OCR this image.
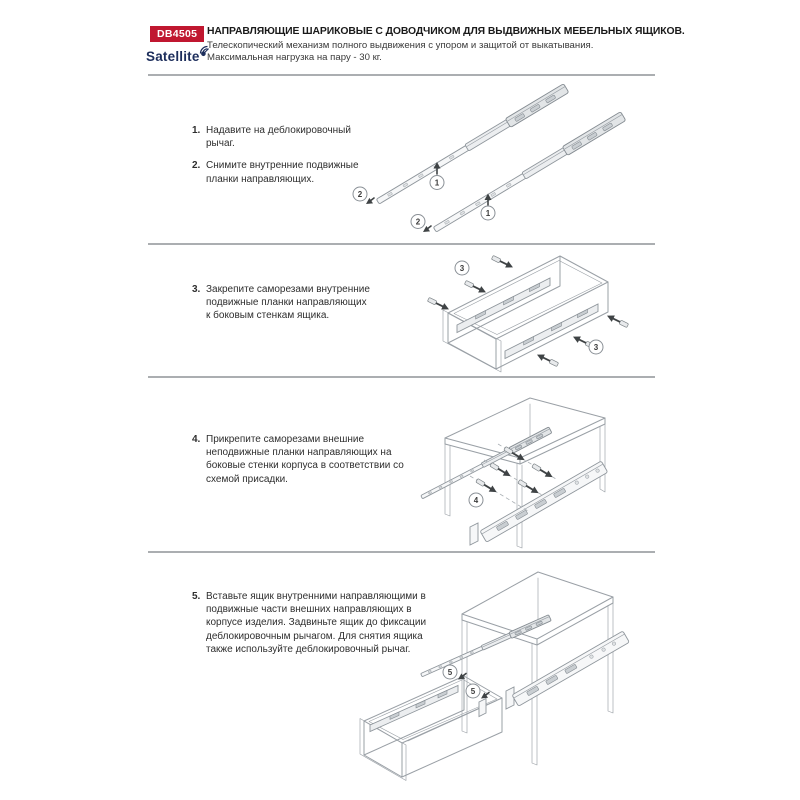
DB4505
Satellite
НАПРАВЛЯЮЩИЕ ШАРИКОВЫЕ С ДОВОДЧИКОМ ДЛЯ ВЫДВИЖНЫХ МЕБЕЛЬНЫХ ЯЩИКОВ.
Телескопический механизм полного выдвижения с упором и защитой от выкатывания.
Максимальная нагрузка на пару - 30 кг.
1. Надавите на деблокировочный рычаг.
2. Снимите внутренние подвижные планки направляющих.
3. Закрепите саморезами внутренние подвижные планки направляющих к боковым стенкам ящика.
4. Прикрепите саморезами внешние неподвижные планки направляющих на боковые стенки корпуса в соответствии со схемой присадки.
5. Вставьте ящик внутренними направляющими в подвижные части внешних направляющих в корпусе изделия. Задвиньте ящик до фиксации деблокировочным рычагом. Для снятия ящика также используйте деблокировочный рычаг.
1
1
2
2
3
3
4
5
5
